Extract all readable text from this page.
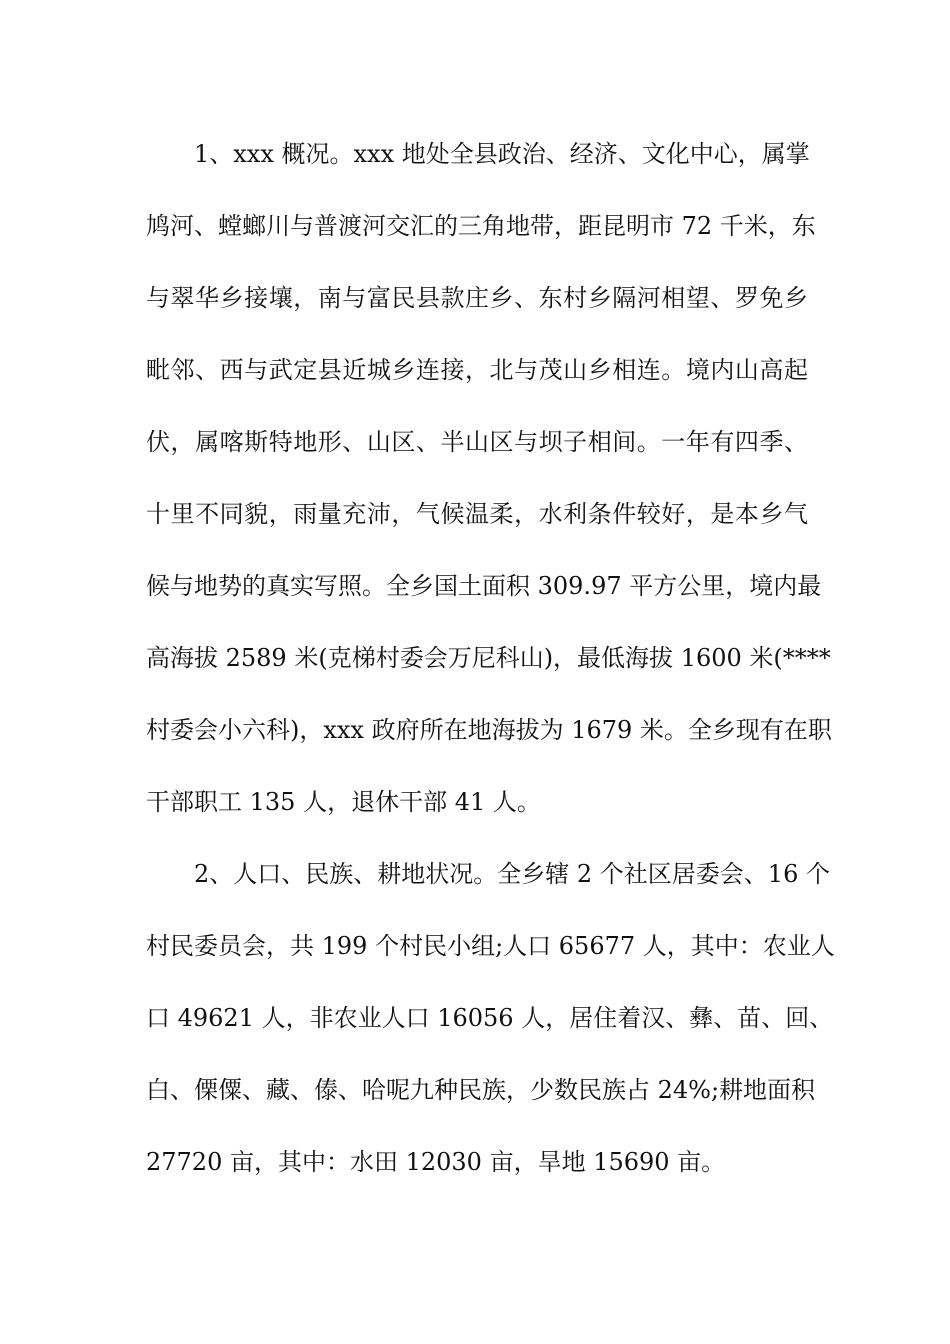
1、xxx 概况。xxx 地处全县政治、经济、文化中心，属掌
鸠河、螳螂川与普渡河交汇的三角地带，距昆明市 72 千米，东
与翠华乡接壤，南与富民县款庄乡、东村乡隔河相望、罗免乡
毗邻、西与武定县近城乡连接，北与茂山乡相连。境内山高起
伏，属喀斯特地形、山区、半山区与坝子相间。一年有四季、
十里不同貌，雨量充沛，气候温柔，水利条件较好，是本乡气
候与地势的真实写照。全乡国土面积 309.97 平方公里，境内最
高海拔 2589 米(克梯村委会万尼科山)，最低海拔 1600 米(****
村委会小六科)，xxx 政府所在地海拔为 1679 米。全乡现有在职
干部职工 135 人，退休干部 41 人。
2、人口、民族、耕地状况。全乡辖 2 个社区居委会、16 个
村民委员会，共 199 个村民小组;人口 65677 人，其中：农业人
口 49621 人，非农业人口 16056 人，居住着汉、彝、苗、回、
白、傈僳、藏、傣、哈呢九种民族，少数民族占 24%;耕地面积
27720 亩，其中：水田 12030 亩，旱地 15690 亩。
